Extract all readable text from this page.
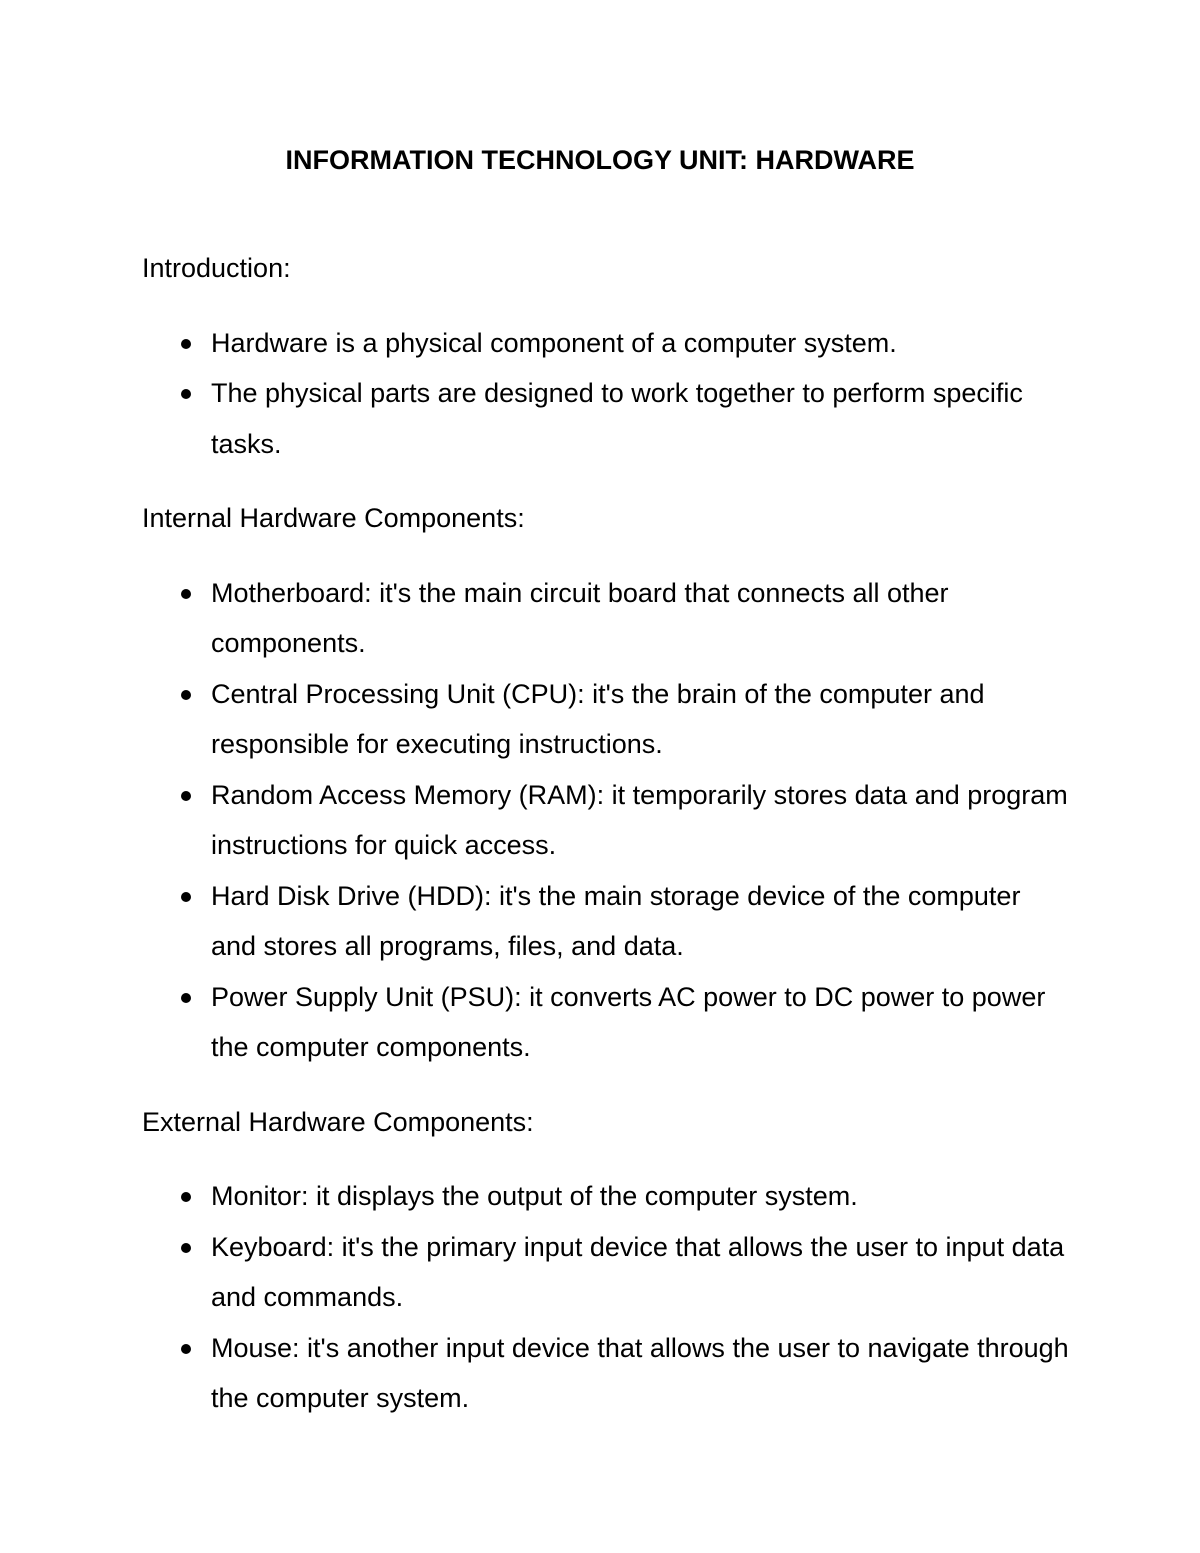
INFORMATION TECHNOLOGY UNIT: HARDWARE

Introduction:

Hardware is a physical component of a computer system.
The physical parts are designed to work together to perform specific tasks.

Internal Hardware Components:

Motherboard: it's the main circuit board that connects all other components.
Central Processing Unit (CPU): it's the brain of the computer and responsible for executing instructions.
Random Access Memory (RAM): it temporarily stores data and program instructions for quick access.
Hard Disk Drive (HDD): it's the main storage device of the computer and stores all programs, files, and data.
Power Supply Unit (PSU): it converts AC power to DC power to power the computer components.

External Hardware Components:

Monitor: it displays the output of the computer system.
Keyboard: it's the primary input device that allows the user to input data and commands.
Mouse: it's another input device that allows the user to navigate through the computer system.
